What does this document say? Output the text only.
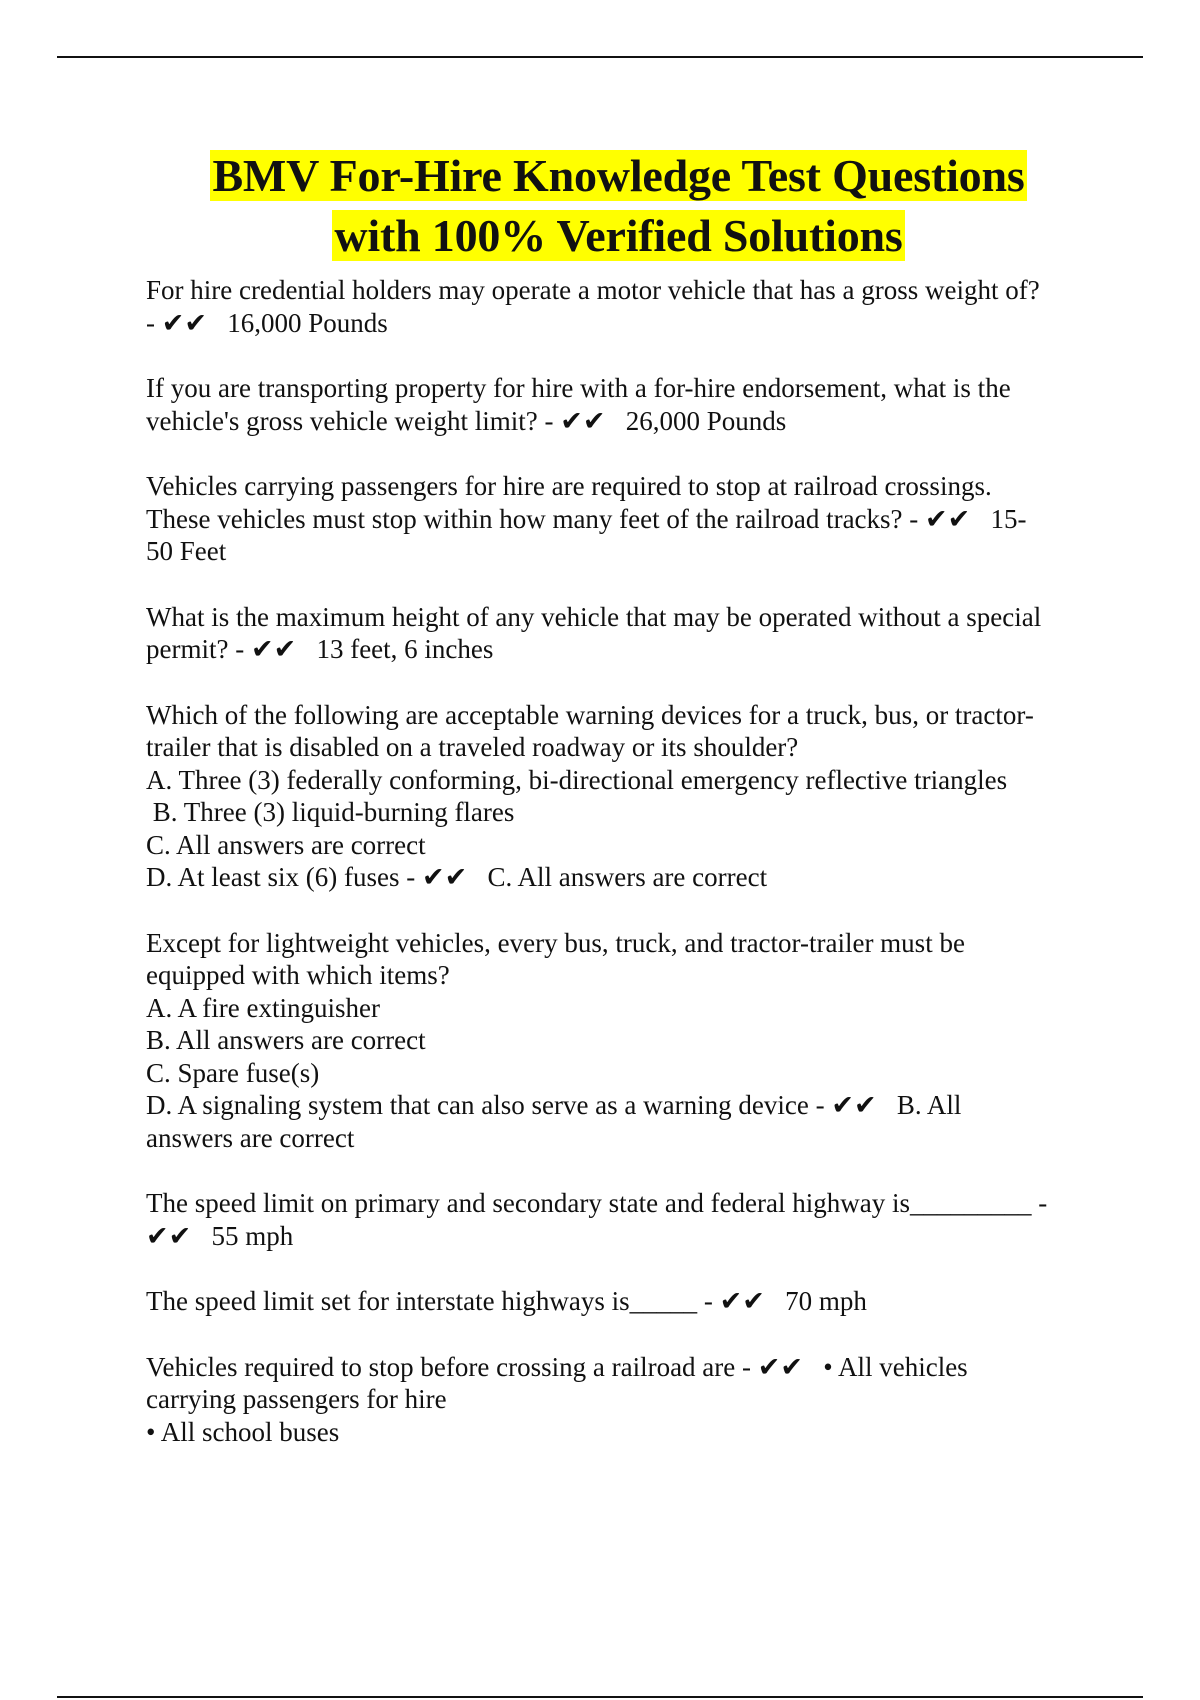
BMV For-Hire Knowledge Test Questions
with 100% Verified Solutions
For hire credential holders may operate a motor vehicle that has a gross weight of?
- ✔✔   16,000 Pounds
If you are transporting property for hire with a for-hire endorsement, what is the
vehicle's gross vehicle weight limit? - ✔✔   26,000 Pounds
Vehicles carrying passengers for hire are required to stop at railroad crossings.
These vehicles must stop within how many feet of the railroad tracks? - ✔✔   15-
50 Feet
What is the maximum height of any vehicle that may be operated without a special
permit? - ✔✔   13 feet, 6 inches
Which of the following are acceptable warning devices for a truck, bus, or tractor-
trailer that is disabled on a traveled roadway or its shoulder?
A. Three (3) federally conforming, bi-directional emergency reflective triangles
B. Three (3) liquid-burning flares
C. All answers are correct
D. At least six (6) fuses - ✔✔   C. All answers are correct
Except for lightweight vehicles, every bus, truck, and tractor-trailer must be
equipped with which items?
A. A fire extinguisher
B. All answers are correct
C. Spare fuse(s)
D. A signaling system that can also serve as a warning device - ✔✔   B. All
answers are correct
The speed limit on primary and secondary state and federal highway is_________ -
✔✔   55 mph
The speed limit set for interstate highways is_____ - ✔✔   70 mph
Vehicles required to stop before crossing a railroad are - ✔✔   • All vehicles
carrying passengers for hire
• All school buses
